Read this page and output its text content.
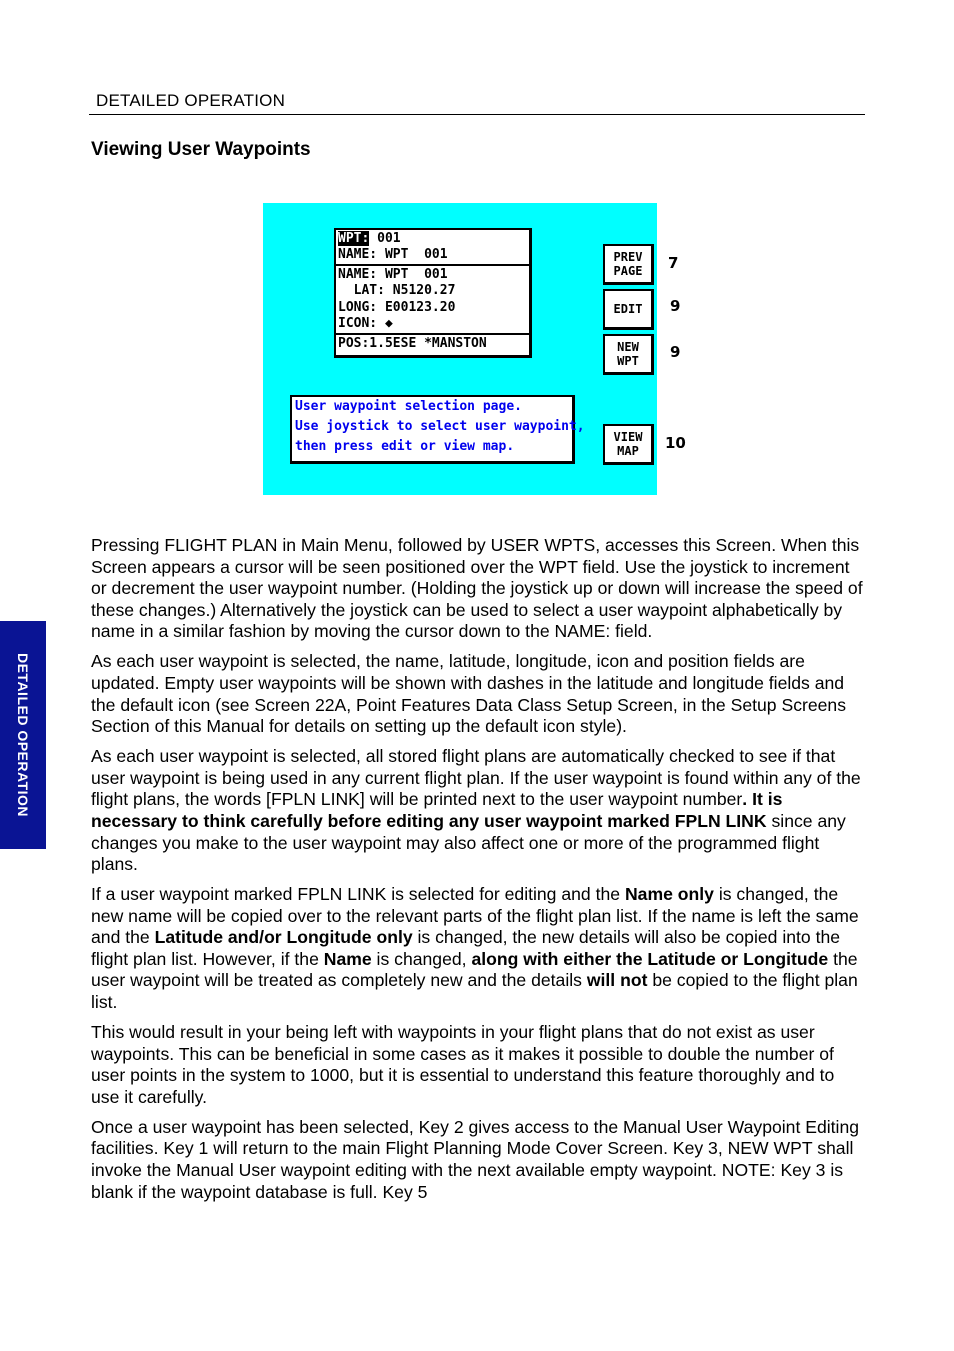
DETAILED OPERATION
Viewing User Waypoints
DETAILED OPERATION
WPT: 001
NAME: WPT  001
NAME: WPT  001
LAT: N5120.27
LONG: E00123.20
ICON: ◆
POS:1.5ESE *MANSTON
PREV
PAGE 7
EDIT 9
NEW
WPT 9
VIEW
MAP 10
User waypoint selection page.
Use joystick to select user waypoint,
then press edit or view map.

Pressing FLIGHT PLAN in Main Menu, followed by USER WPTS, accesses this Screen. When this Screen appears a cursor will be seen positioned over the WPT field. Use the joystick to increment or decrement the user waypoint number. (Holding the joystick up or down will increase the speed of these changes.) Alternatively the joystick can be used to select a user waypoint alphabetically by name in a similar fashion by moving the cursor down to the NAME: field.

As each user waypoint is selected, the name, latitude, longitude, icon and position fields are updated. Empty user waypoints will be shown with dashes in the latitude and longitude fields and the default icon (see Screen 22A, Point Features Data Class Setup Screen, in the Setup Screens Section of this Manual for details on setting up the default icon style).

As each user waypoint is selected, all stored flight plans are automatically checked to see if that user waypoint is being used in any current flight plan. If the user waypoint is found within any of the flight plans, the words [FPLN LINK] will be printed next to the user waypoint number. It is necessary to think carefully before editing any user waypoint marked FPLN LINK since any changes you make to the user waypoint may also affect one or more of the programmed flight plans.

If a user waypoint marked FPLN LINK is selected for editing and the Name only is changed, the new name will be copied over to the relevant parts of the flight plan list. If the name is left the same and the Latitude and/or Longitude only is changed, the new details will also be copied into the flight plan list. However, if the Name is changed, along with either the Latitude or Longitude the user waypoint will be treated as completely new and the details will not be copied to the flight plan list.

This would result in your being left with waypoints in your flight plans that do not exist as user waypoints. This can be beneficial in some cases as it makes it possible to double the number of user points in the system to 1000, but it is essential to understand this feature thoroughly and to use it carefully.

Once a user waypoint has been selected, Key 2 gives access to the Manual User Waypoint Editing facilities. Key 1 will return to the main Flight Planning Mode Cover Screen. Key 3, NEW WPT shall invoke the Manual User waypoint editing with the next available empty waypoint. NOTE: Key 3 is blank if the waypoint database is full. Key 5
